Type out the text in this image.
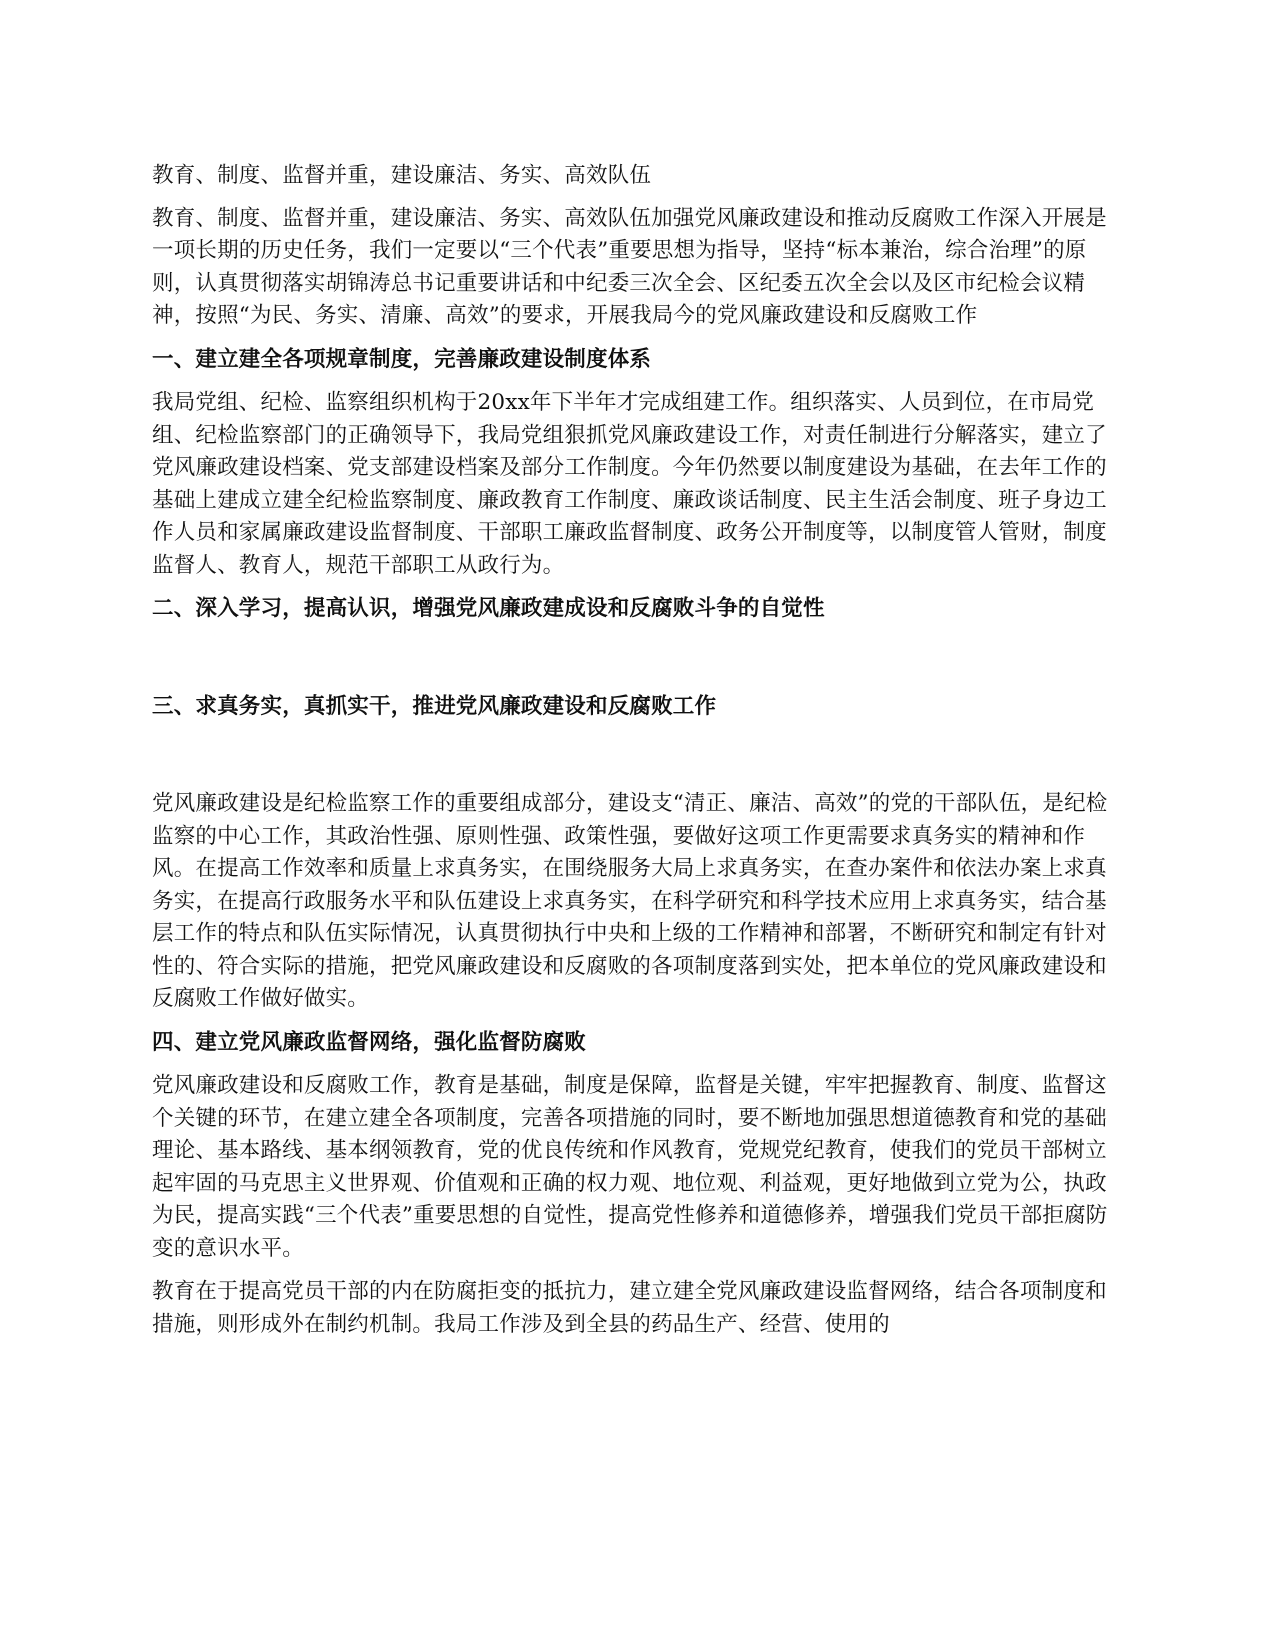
教育、制度、监督并重，建设廉洁、务实、高效队伍

教育、制度、监督并重，建设廉洁、务实、高效队伍加强党风廉政建设和推动反腐败工作深入开展是一项长期的历史任务，我们一定要以“三个代表”重要思想为指导，坚持“标本兼治，综合治理”的原则，认真贯彻落实胡锦涛总书记重要讲话和中纪委三次全会、区纪委五次全会以及区市纪检会议精神，按照“为民、务实、清廉、高效”的要求，开展我局今的党风廉政建设和反腐败工作

一、建立建全各项规章制度，完善廉政建设制度体系

我局党组、纪检、监察组织机构于20xx年下半年才完成组建工作。组织落实、人员到位，在市局党组、纪检监察部门的正确领导下，我局党组狠抓党风廉政建设工作，对责任制进行分解落实，建立了党风廉政建设档案、党支部建设档案及部分工作制度。今年仍然要以制度建设为基础，在去年工作的基础上建成立建全纪检监察制度、廉政教育工作制度、廉政谈话制度、民主生活会制度、班子身边工作人员和家属廉政建设监督制度、干部职工廉政监督制度、政务公开制度等，以制度管人管财，制度监督人、教育人，规范干部职工从政行为。

二、深入学习，提高认识，增强党风廉政建成设和反腐败斗争的自觉性

三、求真务实，真抓实干，推进党风廉政建设和反腐败工作

党风廉政建设是纪检监察工作的重要组成部分，建设支“清正、廉洁、高效”的党的干部队伍，是纪检监察的中心工作，其政治性强、原则性强、政策性强，要做好这项工作更需要求真务实的精神和作风。在提高工作效率和质量上求真务实，在围绕服务大局上求真务实，在查办案件和依法办案上求真务实，在提高行政服务水平和队伍建设上求真务实，在科学研究和科学技术应用上求真务实，结合基层工作的特点和队伍实际情况，认真贯彻执行中央和上级的工作精神和部署，不断研究和制定有针对性的、符合实际的措施，把党风廉政建设和反腐败的各项制度落到实处，把本单位的党风廉政建设和反腐败工作做好做实。

四、建立党风廉政监督网络，强化监督防腐败

党风廉政建设和反腐败工作，教育是基础，制度是保障，监督是关键，牢牢把握教育、制度、监督这个关键的环节，在建立建全各项制度，完善各项措施的同时，要不断地加强思想道德教育和党的基础理论、基本路线、基本纲领教育，党的优良传统和作风教育，党规党纪教育，使我们的党员干部树立起牢固的马克思主义世界观、价值观和正确的权力观、地位观、利益观，更好地做到立党为公，执政为民，提高实践“三个代表”重要思想的自觉性，提高党性修养和道德修养，增强我们党员干部拒腐防变的意识水平。

教育在于提高党员干部的内在防腐拒变的抵抗力，建立建全党风廉政建设监督网络，结合各项制度和措施，则形成外在制约机制。我局工作涉及到全县的药品生产、经营、使用的
